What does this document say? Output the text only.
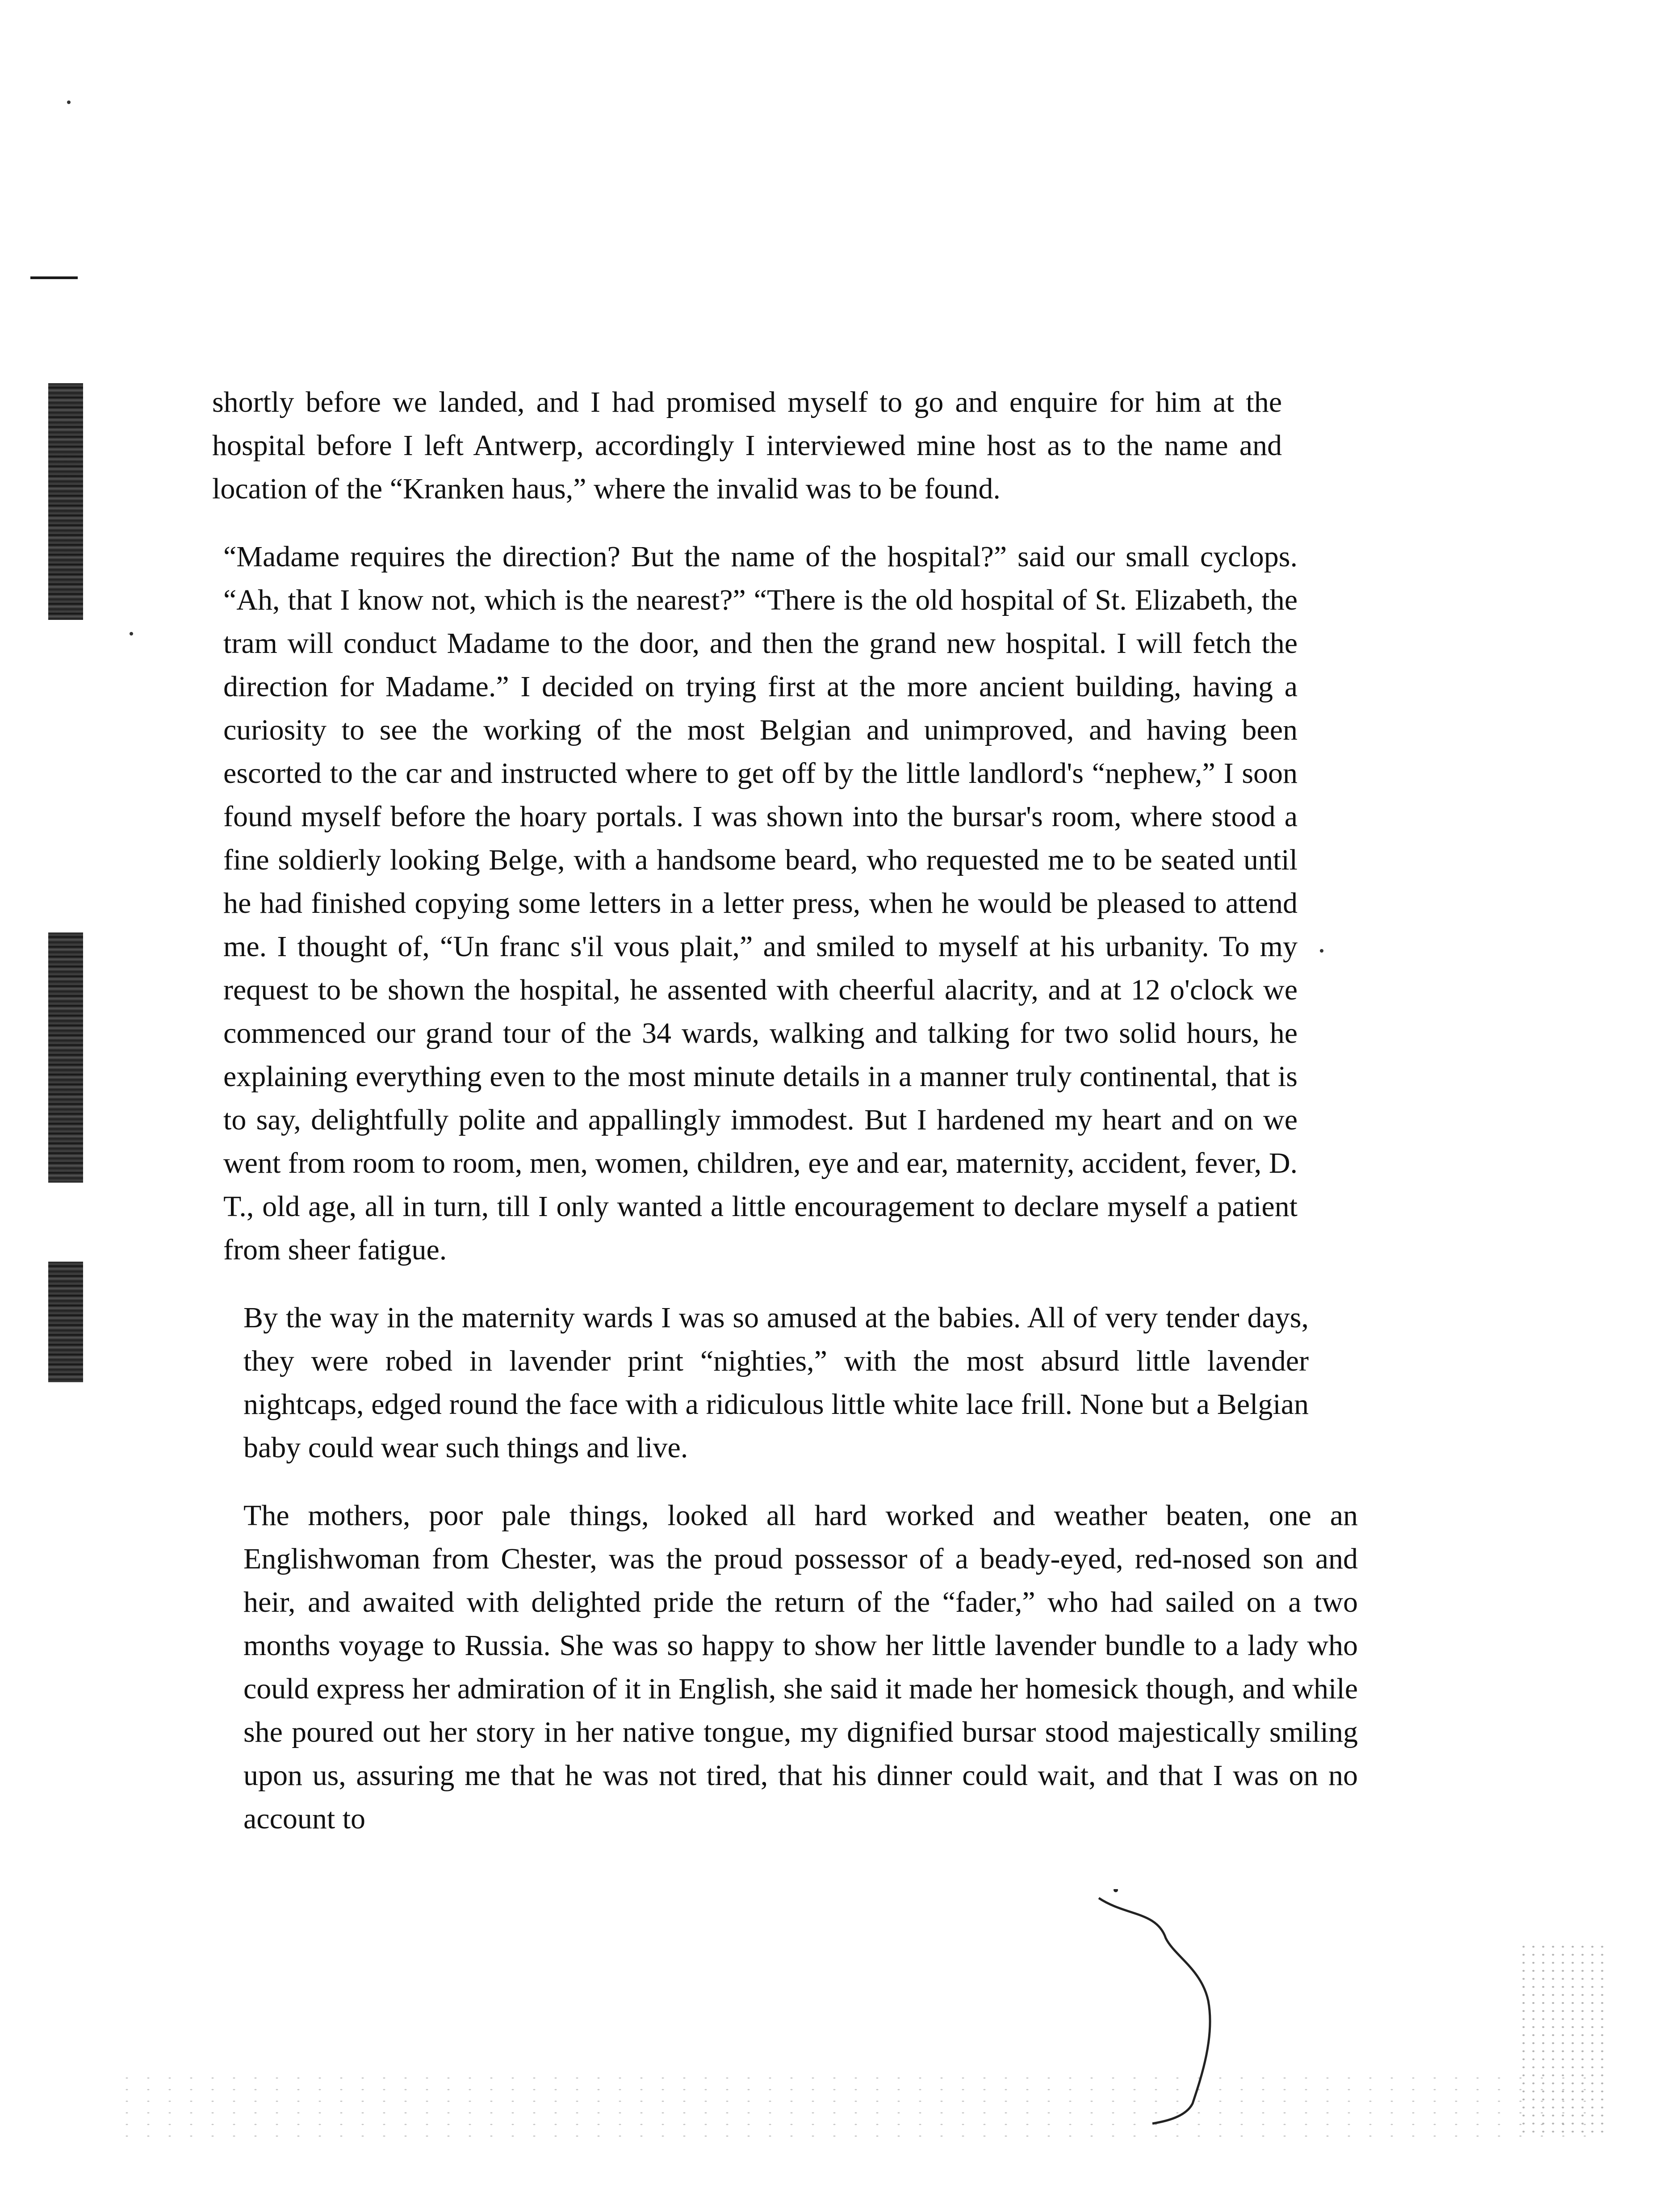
shortly before we landed, and I had promised myself to go and enquire for him at the hospital before I left Antwerp, accordingly I interviewed mine host as to the name and location of the “Kranken haus,” where the invalid was to be found.

“Madame requires the direction? But the name of the hospital?” said our small cyclops. “Ah, that I know not, which is the nearest?” “There is the old hospital of St. Elizabeth, the tram will conduct Madame to the door, and then the grand new hospital. I will fetch the direction for Madame.” I decided on trying first at the more ancient building, having a curiosity to see the working of the most Belgian and unimproved, and having been escorted to the car and instructed where to get off by the little landlord's “nephew,” I soon found myself before the hoary portals. I was shown into the bursar's room, where stood a fine soldierly looking Belge, with a handsome beard, who requested me to be seated until he had finished copying some letters in a letter press, when he would be pleased to attend me. I thought of, “Un franc s'il vous plait,” and smiled to myself at his urbanity. To my request to be shown the hospital, he assented with cheerful alacrity, and at 12 o'clock we commenced our grand tour of the 34 wards, walking and talking for two solid hours, he explaining everything even to the most minute details in a manner truly continental, that is to say, delightfully polite and appallingly immodest. But I hardened my heart and on we went from room to room, men, women, children, eye and ear, maternity, accident, fever, D. T., old age, all in turn, till I only wanted a little encouragement to declare myself a patient from sheer fatigue.

By the way in the maternity wards I was so amused at the babies. All of very tender days, they were robed in lavender print “nighties,” with the most absurd little lavender nightcaps, edged round the face with a ridiculous little white lace frill. None but a Belgian baby could wear such things and live.

The mothers, poor pale things, looked all hard worked and weather beaten, one an Englishwoman from Chester, was the proud possessor of a beady-eyed, red-nosed son and heir, and awaited with delighted pride the return of the “fader,” who had sailed on a two months voyage to Russia. She was so happy to show her little lavender bundle to a lady who could express her admiration of it in English, she said it made her homesick though, and while she poured out her story in her native tongue, my dignified bursar stood majestically smiling upon us, assuring me that he was not tired, that his dinner could wait, and that I was on no account to
